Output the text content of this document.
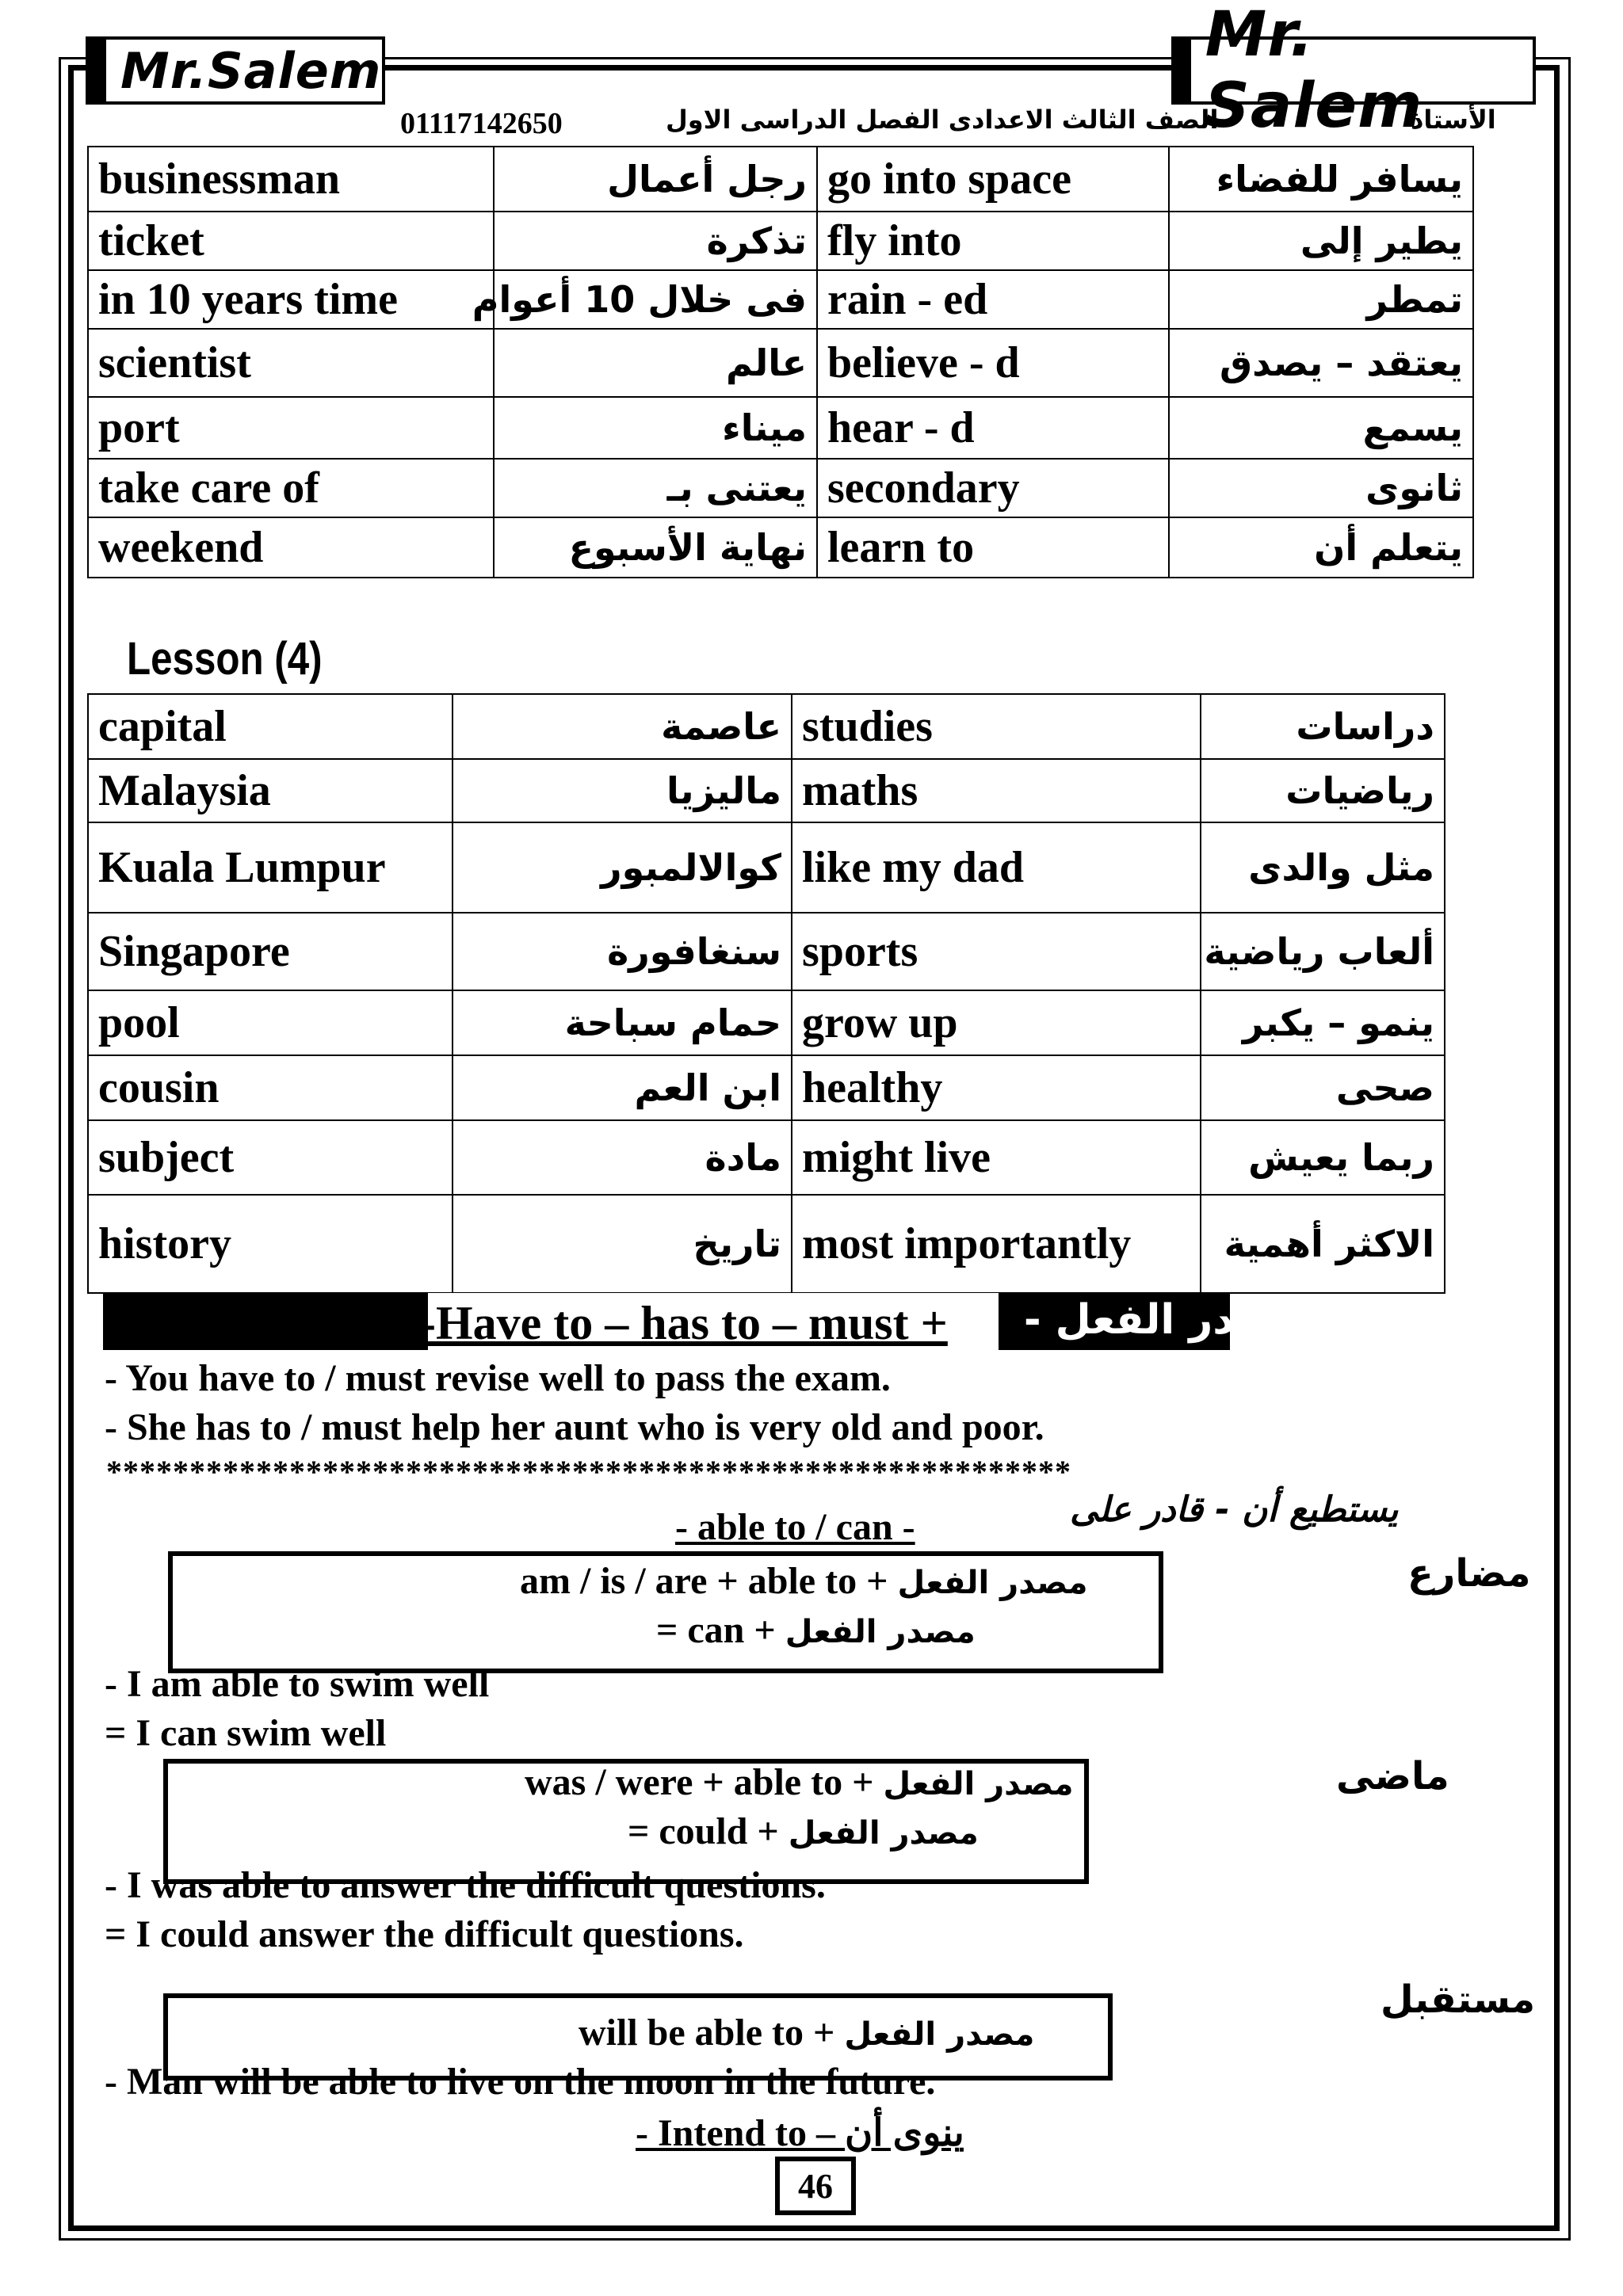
Mr.Salem	Mr. Salem
01117142650	الصف الثالث الاعدادى الفصل الدراسى الاول	الأستاذ
businessman	رجل أعمال	go into space	يسافر للفضاء
ticket	تذكرة	fly into	يطير إلى
in 10 years time	فى خلال 10 أعوام	rain - ed	تمطر
scientist	عالم	believe - d	يعتقد – يصدق
port	ميناء	hear - d	يسمع
take care of	يعتنى بـ	secondary	ثانوى
weekend	نهاية الأسبوع	learn to	يتعلم أن
Lesson (4)
capital	عاصمة	studies	دراسات
Malaysia	ماليزيا	maths	رياضيات
Kuala Lumpur	كوالالمبور	like my dad	مثل والدى
Singapore	سنغافورة	sports	ألعاب رياضية
pool	حمام سباحة	grow up	ينمو – يكبر
cousin	ابن العم	healthy	صحى
subject	مادة	might live	ربما يعيش
history	تاريخ	most importantly	الاكثر أهمية
-Have to – has to – must + مصدر الفعل -
- You have to / must revise well to pass the exam.
- She has to / must help her aunt who is very old and poor.
**********************************************************
- able to / can -	يستطيع أن - قادر على
مضارع
am / is / are + able to + مصدر الفعل
= can + مصدر الفعل
- I am able to swim well
= I can swim well
ماضى
was / were + able to + مصدر الفعل
= could + مصدر الفعل
- I was able to answer the difficult questions.
= I could answer the difficult questions.
مستقبل
will be able to + مصدر الفعل
- Man will be able to live on the moon in the future.
- Intend to – ينوى أن
46
